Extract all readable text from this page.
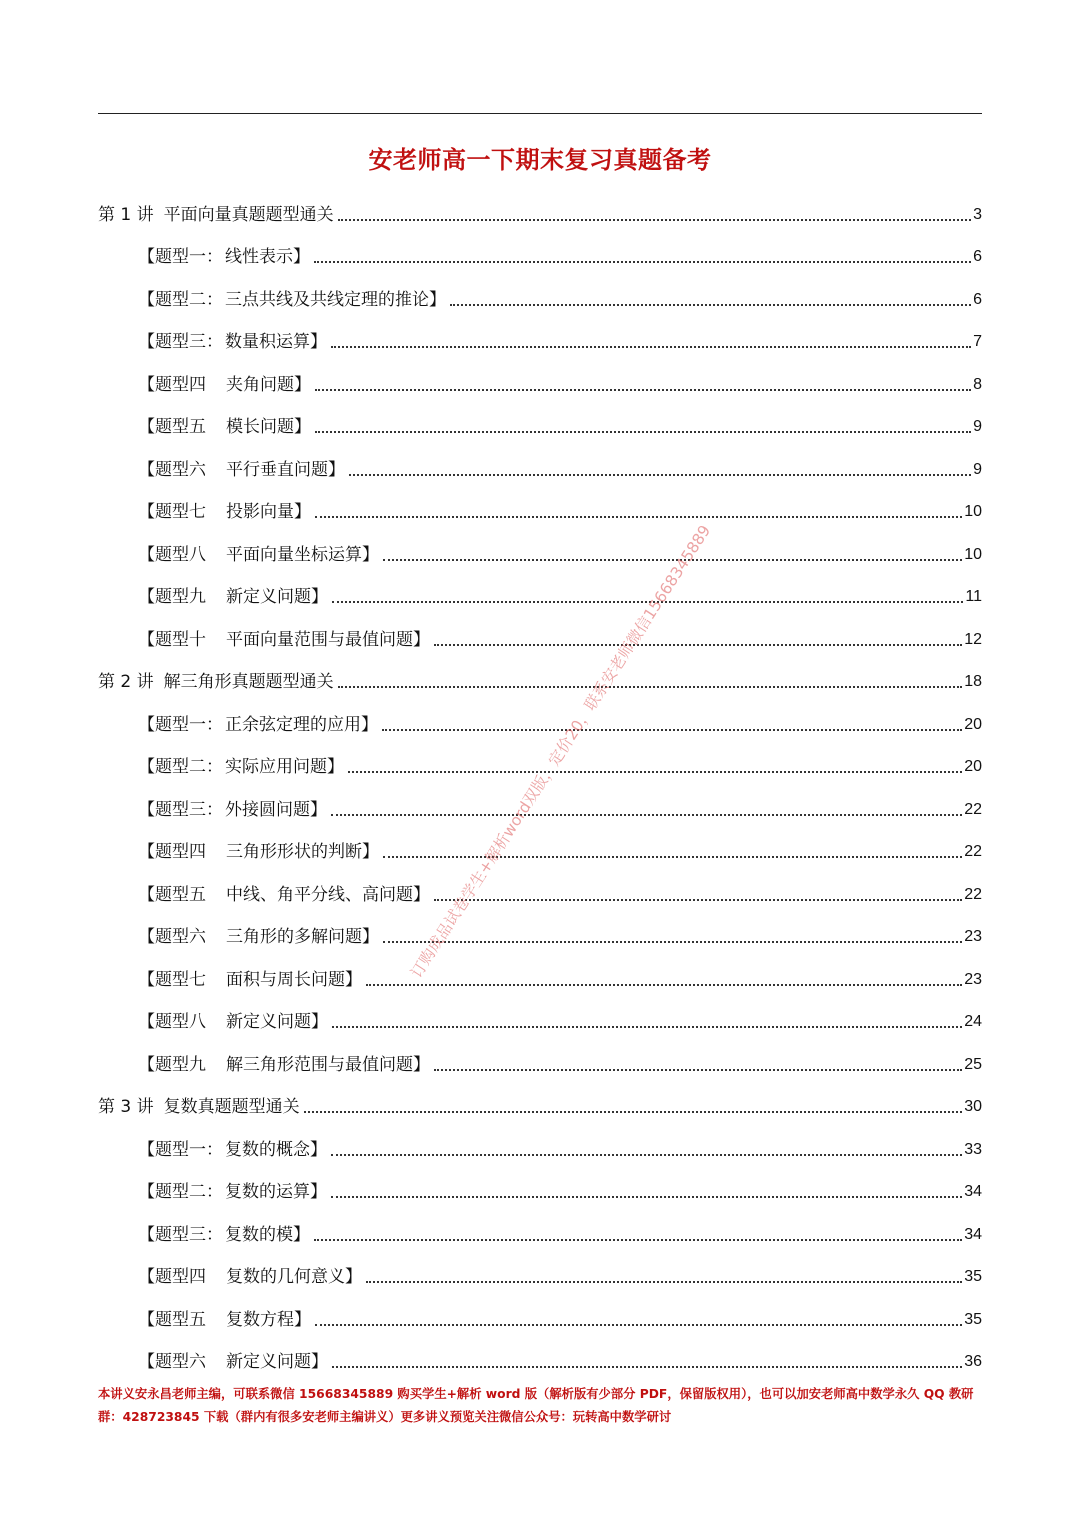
安老师高一下期末复习真题备考
第 1 讲 平面向量真题题型通关	3
【题型一： 线性表示】	6
【题型二： 三点共线及共线定理的推论】	6
【题型三： 数量积运算】	7
【题型四 夹角问题】	8
【题型五 模长问题】	9
【题型六 平行垂直问题】	9
【题型七 投影向量】	10
【题型八 平面向量坐标运算】	10
【题型九 新定义问题】	11
【题型十 平面向量范围与最值问题】	12
第 2 讲 解三角形真题题型通关	18
【题型一： 正余弦定理的应用】	20
【题型二： 实际应用问题】	20
【题型三： 外接圆问题】	22
【题型四 三角形形状的判断】	22
【题型五 中线、角平分线、高问题】	22
【题型六 三角形的多解问题】	23
【题型七 面积与周长问题】	23
【题型八 新定义问题】	24
【题型九 解三角形范围与最值问题】	25
第 3 讲 复数真题题型通关	30
【题型一： 复数的概念】	33
【题型二： 复数的运算】	34
【题型三： 复数的模】	34
【题型四 复数的几何意义】	35
【题型五 复数方程】	35
【题型六 新定义问题】	36
订购成品试卷学生+解析word双版，定价20，联系安老师微信15668345889
本讲义安永昌老师主编，可联系微信 15668345889 购买学生+解析 word 版（解析版有少部分 PDF，保留版权用），也可以加安老师高中数学永久 QQ 教研群：428723845 下载（群内有很多安老师主编讲义）更多讲义预览关注微信公众号：玩转高中数学研讨
